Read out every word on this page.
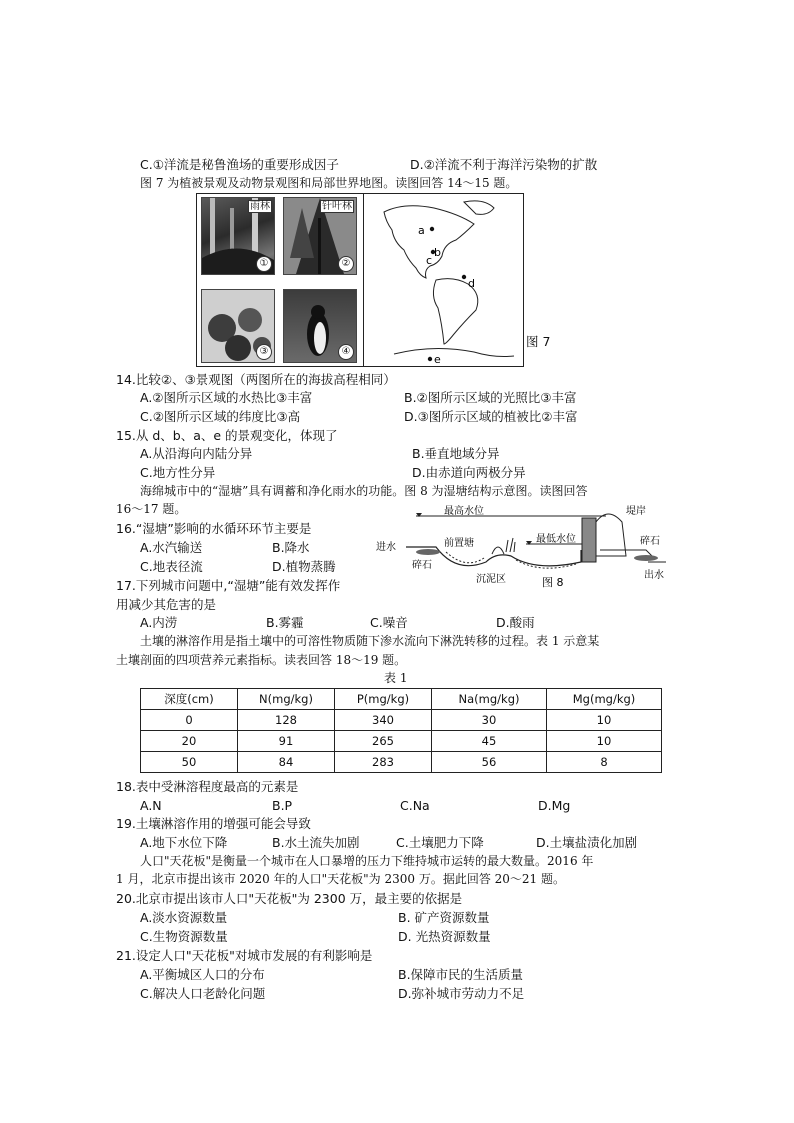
C.①洋流是秘鲁渔场的重要形成因子	D.②洋流不利于海洋污染物的扩散
图 7 为植被景观及动物景观图和局部世界地图。读图回答 14～15 题。
雨林
①
针叶林
②
③	④
a
b
c
d
e
图 7
14.比较②、③景观图（两图所在的海拔高程相同）
A.②图所示区域的水热比③丰富	B.②图所示区域的光照比③丰富
C.②图所示区域的纬度比③高	D.③图所示区域的植被比②丰富
15.从 d、b、a、e 的景观变化，体现了
A.从沿海向内陆分异	B.垂直地域分异
C.地方性分异	D.由赤道向两极分异
海绵城市中的“湿塘”具有调蓄和净化雨水的功能。图 8 为湿塘结构示意图。读图回答
16～17 题。
16.“湿塘”影响的水循环环节主要是
A.水汽输送	B.降水
C.地表径流	D.植物蒸腾
最高水位
最低水位
堤岸
碎石
进水	前置塘
碎石
沉泥区	图 8
出水
17.下列城市问题中,“湿塘”能有效发挥作
用减少其危害的是
A.内涝	B.雾霾	C.噪音	D.酸雨
土壤的淋溶作用是指土壤中的可溶性物质随下渗水流向下淋洗转移的过程。表 1 示意某
土壤剖面的四项营养元素指标。读表回答 18～19 题。
表 1
深度(cm)	N(mg/kg)	P(mg/kg)	Na(mg/kg)	Mg(mg/kg)
0	128	340	30	10
20	91	265	45	10
50	84	283	56	8
18.表中受淋溶程度最高的元素是
A.N	B.P	C.Na	D.Mg
19.土壤淋溶作用的增强可能会导致
A.地下水位下降	B.水土流失加剧	C.土壤肥力下降	D.土壤盐渍化加剧
人口"天花板"是衡量一个城市在人口暴增的压力下维持城市运转的最大数量。2016 年
1 月，北京市提出该市 2020 年的人口"天花板"为 2300 万。据此回答 20～21 题。
20.北京市提出该市人口"天花板"为 2300 万，最主要的依据是
A.淡水资源数量	B. 矿产资源数量
C.生物资源数量	D. 光热资源数量
21.设定人口"天花板"对城市发展的有利影响是
A.平衡城区人口的分布	B.保障市民的生活质量
C.解决人口老龄化问题	D.弥补城市劳动力不足
